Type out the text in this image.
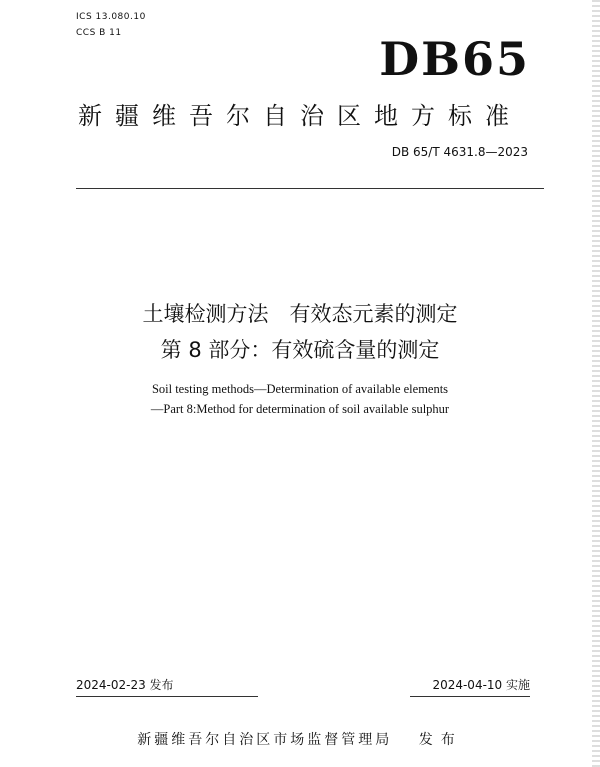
ICS 13.080.10
CCS B 11	DB65
新疆维吾尔自治区地方标准
DB 65/T 4631.8—2023
土壤检测方法　有效态元素的测定
第 8 部分：有效硫含量的测定
Soil testing methods—Determination of available elements
—Part 8:Method for determination of soil available sulphur
2024-02-23 发布	2024-04-10 实施
新疆维吾尔自治区市场监督管理局 发布
